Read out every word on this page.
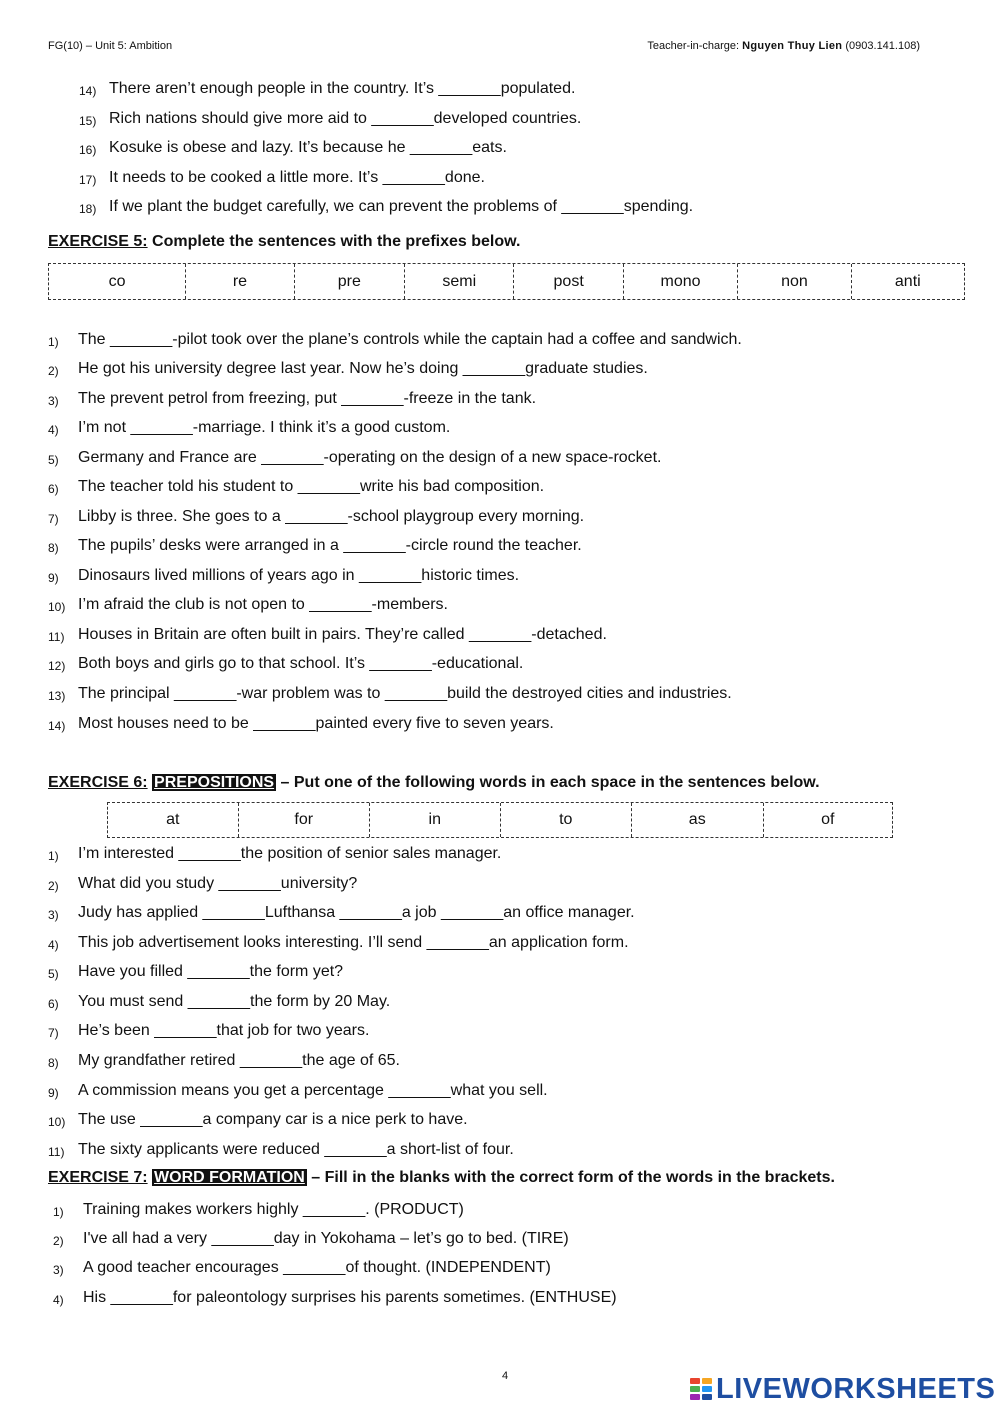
FG(10) – Unit 5: Ambition	Teacher-in-charge: Nguyen Thuy Lien (0903.141.108)
14) There aren’t enough people in the country. It’s _______populated.
15) Rich nations should give more aid to _______developed countries.
16) Kosuke is obese and lazy. It’s because he _______eats.
17) It needs to be cooked a little more. It’s _______done.
18) If we plant the budget carefully, we can prevent the problems of _______spending.
EXERCISE 5: Complete the sentences with the prefixes below.
co	re	pre	semi	post	mono	non	anti
1) The _______-pilot took over the plane’s controls while the captain had a coffee and sandwich.
2) He got his university degree last year. Now he’s doing _______graduate studies.
3) The prevent petrol from freezing, put _______-freeze in the tank.
4) I’m not _______-marriage. I think it’s a good custom.
5) Germany and France are _______-operating on the design of a new space-rocket.
6) The teacher told his student to _______write his bad composition.
7) Libby is three. She goes to a _______-school playgroup every morning.
8) The pupils’ desks were arranged in a _______-circle round the teacher.
9) Dinosaurs lived millions of years ago in _______historic times.
10) I’m afraid the club is not open to _______-members.
11) Houses in Britain are often built in pairs. They’re called _______-detached.
12) Both boys and girls go to that school. It’s _______-educational.
13) The principal _______-war problem was to _______build the destroyed cities and industries.
14) Most houses need to be _______painted every five to seven years.
EXERCISE 6: PREPOSITIONS – Put one of the following words in each space in the sentences below.
at	for	in	to	as	of
1) I’m interested _______the position of senior sales manager.
2) What did you study _______university?
3) Judy has applied _______Lufthansa _______a job _______an office manager.
4) This job advertisement looks interesting. I’ll send _______an application form.
5) Have you filled _______the form yet?
6) You must send _______the form by 20 May.
7) He’s been _______that job for two years.
8) My grandfather retired _______the age of 65.
9) A commission means you get a percentage _______what you sell.
10) The use _______a company car is a nice perk to have.
11) The sixty applicants were reduced _______a short-list of four.
EXERCISE 7: WORD FORMATION – Fill in the blanks with the correct form of the words in the brackets.
1) Training makes workers highly _______. (PRODUCT)
2) I've all had a very _______day in Yokohama – let’s go to bed. (TIRE)
3) A good teacher encourages _______of thought. (INDEPENDENT)
4) His _______for paleontology surprises his parents sometimes. (ENTHUSE)
4	LIVEWORKSHEETS
